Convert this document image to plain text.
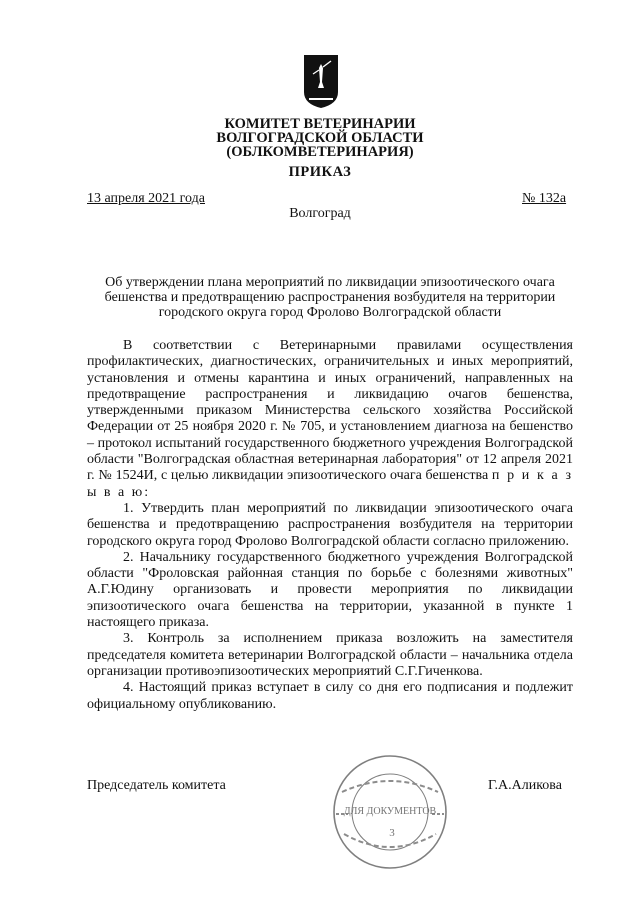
КОМИТЕТ ВЕТЕРИНАРИИ
ВОЛГОГРАДСКОЙ ОБЛАСТИ
(ОБЛКОМВЕТЕРИНАРИЯ)
ПРИКАЗ
13 апреля 2021 года	№ 132а
Волгоград
Об утверждении плана мероприятий по ликвидации эпизоотического очага бешенства и предотвращению распространения возбудителя на территории городского округа город Фролово Волгоградской области

В соответствии с Ветеринарными правилами осуществления профилактических, диагностических, ограничительных и иных мероприятий, установления и отмены карантина и иных ограничений, направленных на предотвращение распространения и ликвидацию очагов бешенства, утвержденными приказом Министерства сельского хозяйства Российской Федерации от 25 ноября 2020 г. № 705, и установлением диагноза на бешенство – протокол испытаний государственного бюджетного учреждения Волгоградской области "Волгоградская областная ветеринарная лаборатория" от 12 апреля 2021 г. № 1524И, с целью ликвидации эпизоотического очага бешенства п р и к а з ы в а ю:

1. Утвердить план мероприятий по ликвидации эпизоотического очага бешенства и предотвращению распространения возбудителя на территории городского округа город Фролово Волгоградской области согласно приложению.

2. Начальнику государственного бюджетного учреждения Волгоградской области "Фроловская районная станция по борьбе с болезнями животных" А.Г.Юдину организовать и провести мероприятия по ликвидации эпизоотического очага бешенства на территории, указанной в пункте 1 настоящего приказа.

3. Контроль за исполнением приказа возложить на заместителя председателя комитета ветеринарии Волгоградской области – начальника отдела организации противоэпизоотических мероприятий С.Г.Гиченкова.

4. Настоящий приказ вступает в силу со дня его подписания и подлежит официальному опубликованию.

Председатель комитета	Г.А.Аликова
ДЛЯ ДОКУМЕНТОВ
3
